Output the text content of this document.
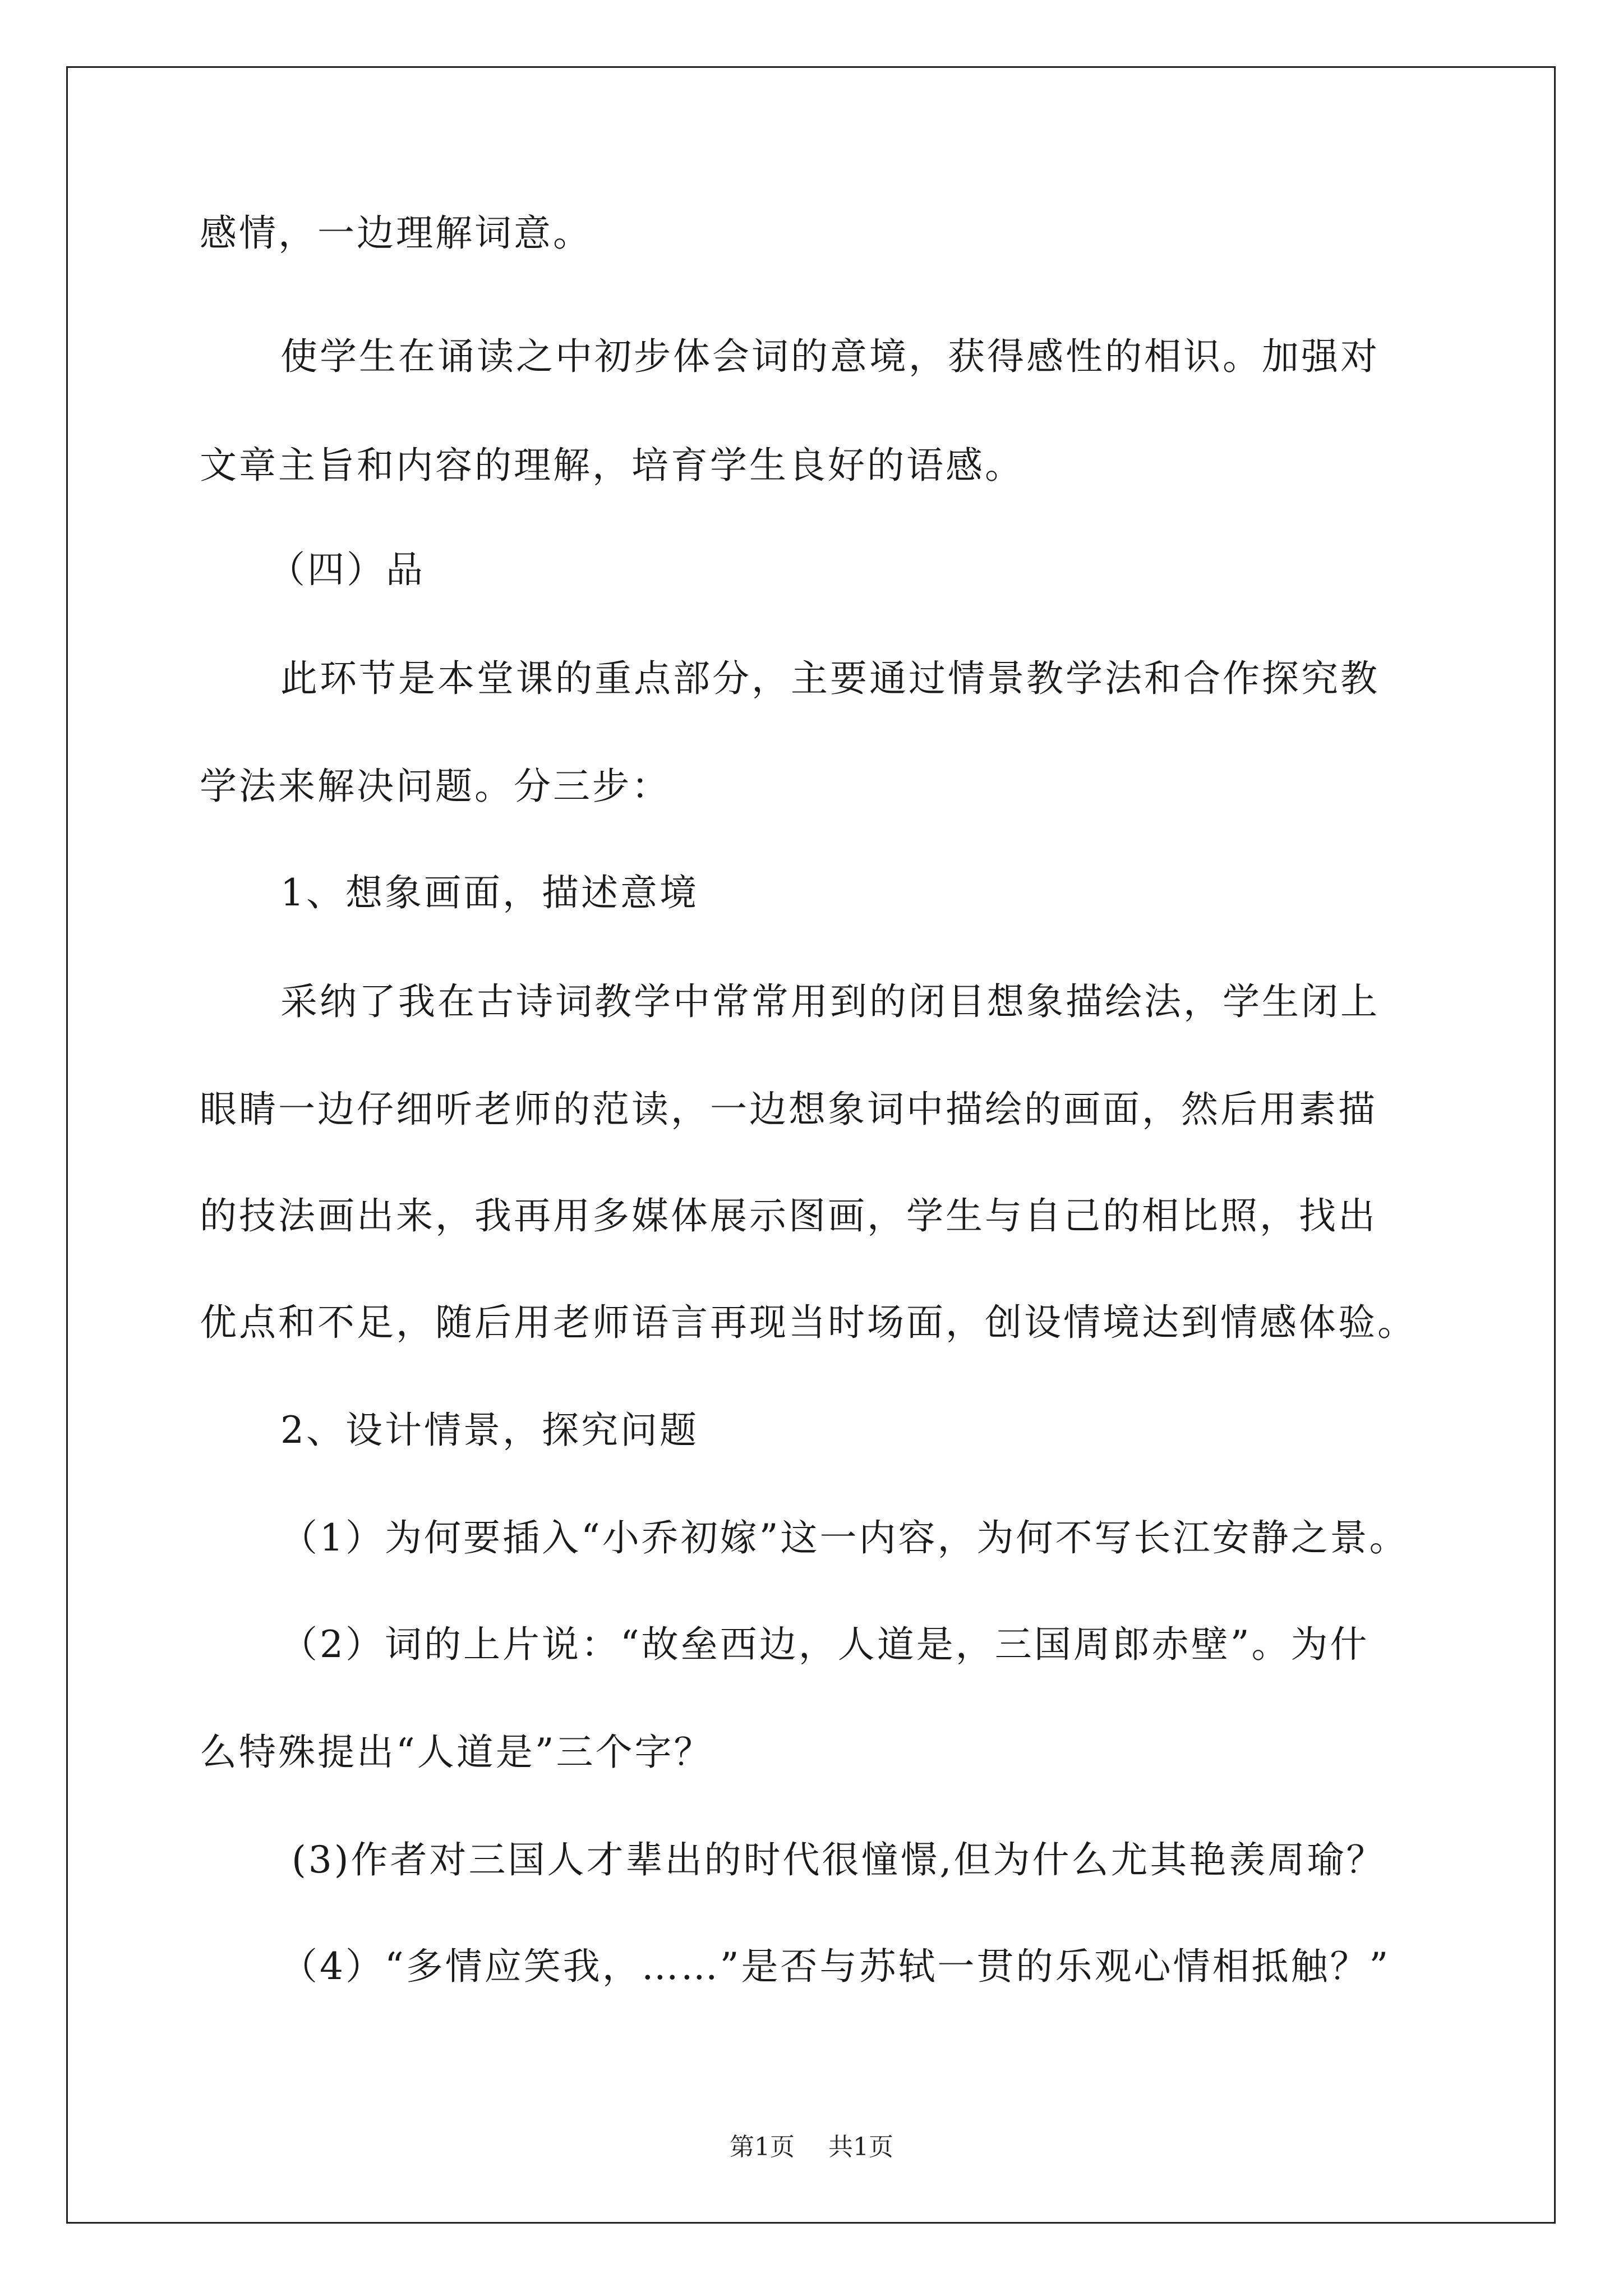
感情，一边理解词意。
使学生在诵读之中初步体会词的意境，获得感性的相识。加强对
文章主旨和内容的理解，培育学生良好的语感。
（四）品
此环节是本堂课的重点部分，主要通过情景教学法和合作探究教
学法来解决问题。分三步：
1、想象画面，描述意境
采纳了我在古诗词教学中常常用到的闭目想象描绘法，学生闭上
眼睛一边仔细听老师的范读，一边想象词中描绘的画面，然后用素描
的技法画出来，我再用多媒体展示图画，学生与自己的相比照，找出
优点和不足，随后用老师语言再现当时场面，创设情境达到情感体验。
2、设计情景，探究问题
（1）为何要插入“小乔初嫁”这一内容，为何不写长江安静之景。
（2）词的上片说：“故垒西边，人道是，三国周郎赤壁”。为什
么特殊提出“人道是”三个字？
(3)作者对三国人才辈出的时代很憧憬,但为什么尤其艳羡周瑜？
（4）“多情应笑我，……”是否与苏轼一贯的乐观心情相抵触？”
第1页 共1页
